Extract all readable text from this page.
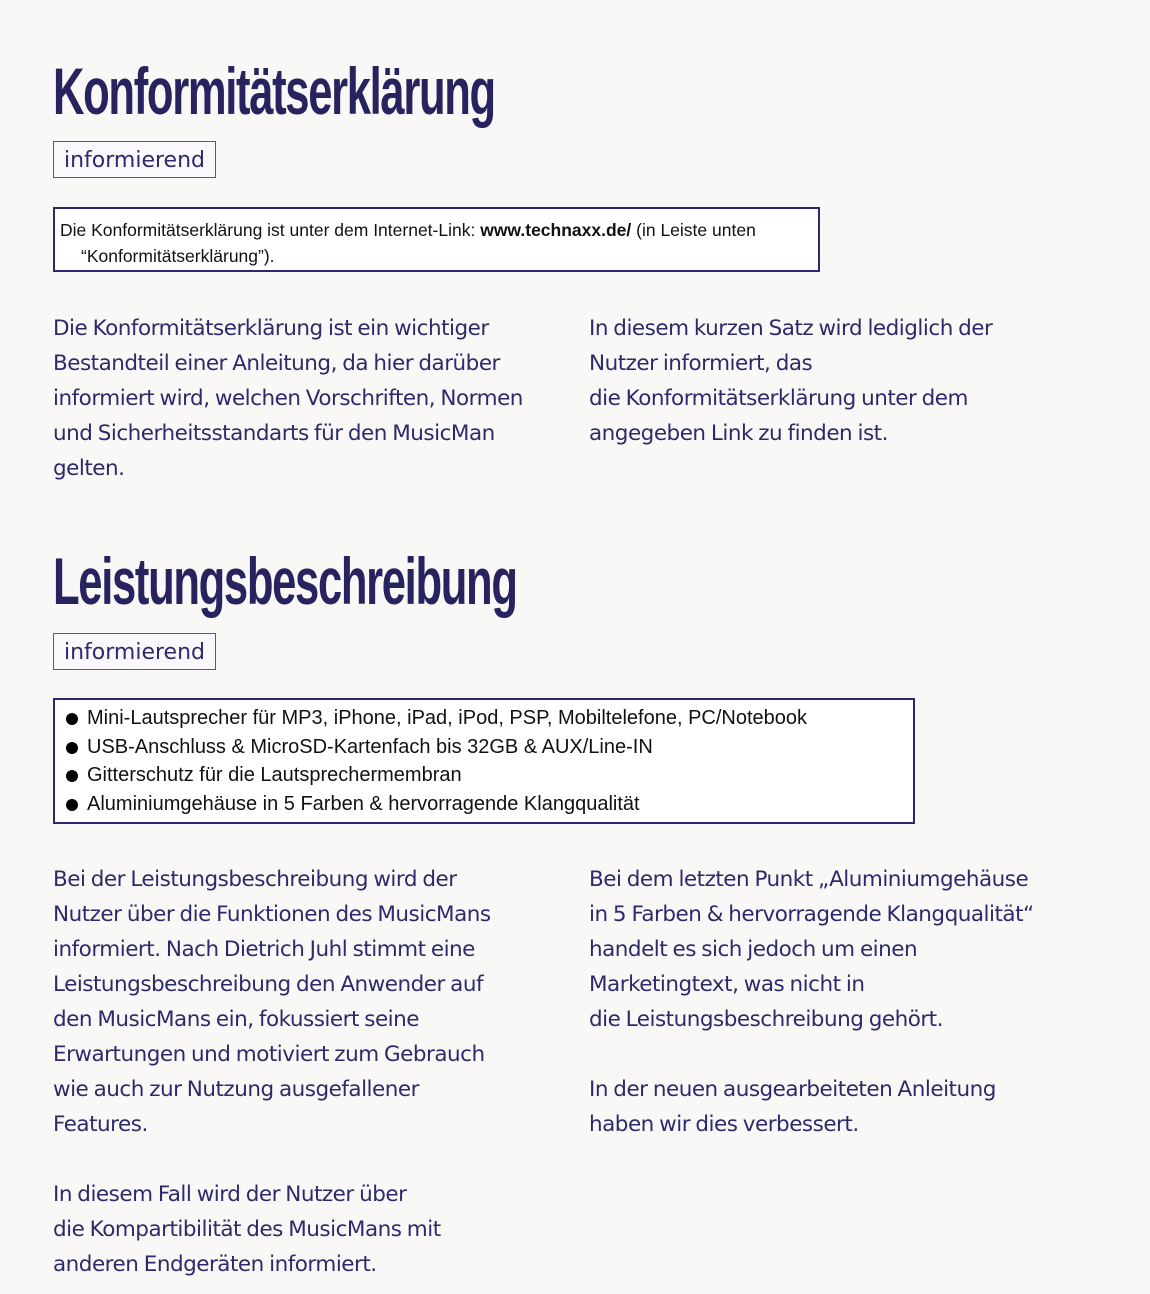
Konformitätserklärung
informierend
Die Konformitätserklärung ist unter dem Internet-Link: www.technaxx.de/ (in Leiste unten
“Konformitätserklärung”).

Die Konformitätserklärung ist ein wichtiger

Bestandteil einer Anleitung, da hier darüber

informiert wird, welchen Vorschriften, Normen

und Sicherheitsstandarts für den MusicMan

gelten.

In diesem kurzen Satz wird lediglich der

Nutzer informiert, das

die Konformitätserklärung unter dem

angegeben Link zu finden ist.

Leistungsbeschreibung
informierend
Mini-Lautsprecher für MP3, iPhone, iPad, iPod, PSP, Mobiltelefone, PC/Notebook
USB-Anschluss & MicroSD-Kartenfach bis 32GB & AUX/Line-IN
Gitterschutz für die Lautsprechermembran
Aluminiumgehäuse in 5 Farben & hervorragende Klangqualität

Bei der Leistungsbeschreibung wird der

Nutzer über die Funktionen des MusicMans

informiert. Nach Dietrich Juhl stimmt eine

Leistungsbeschreibung den Anwender auf

den MusicMans ein, fokussiert seine

Erwartungen und motiviert zum Gebrauch

wie auch zur Nutzung ausgefallener

Features.

In diesem Fall wird der Nutzer über

die Kompartibilität des MusicMans mit

anderen Endgeräten informiert.

Bei dem letzten Punkt „Aluminiumgehäuse

in 5 Farben & hervorragende Klangqualität“

handelt es sich jedoch um einen

Marketingtext, was nicht in

die Leistungsbeschreibung gehört.

In der neuen ausgearbeiteten Anleitung

haben wir dies verbessert.
